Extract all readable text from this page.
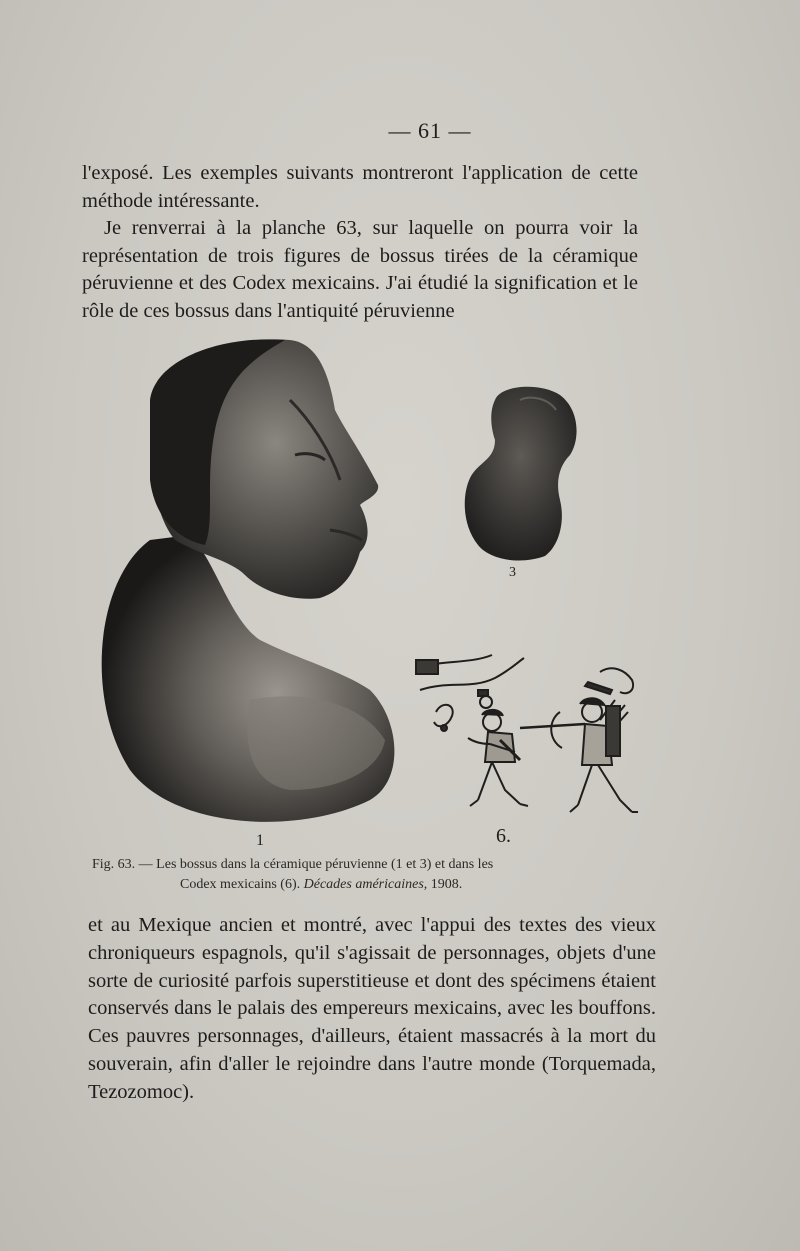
— 61 —

l'exposé. Les exemples suivants montreront l'application de cette méthode intéressante.

Je renverrai à la planche 63, sur laquelle on pourra voir la représentation de trois figures de bossus tirées de la céramique péruvienne et des Codex mexicains. J'ai étudié la signification et le rôle de ces bossus dans l'antiquité péruvienne

1
3
6.
Fig. 63. — Les bossus dans la céramique péruvienne (1 et 3) et dans les
Codex mexicains (6). Décades américaines, 1908.

et au Mexique ancien et montré, avec l'appui des textes des vieux chroniqueurs espagnols, qu'il s'agissait de personnages, objets d'une sorte de curiosité parfois superstitieuse et dont des spécimens étaient conservés dans le palais des empereurs mexicains, avec les bouffons. Ces pauvres personnages, d'ailleurs, étaient massacrés à la mort du souverain, afin d'aller le rejoindre dans l'autre monde (Torquemada, Tezozomoc).
